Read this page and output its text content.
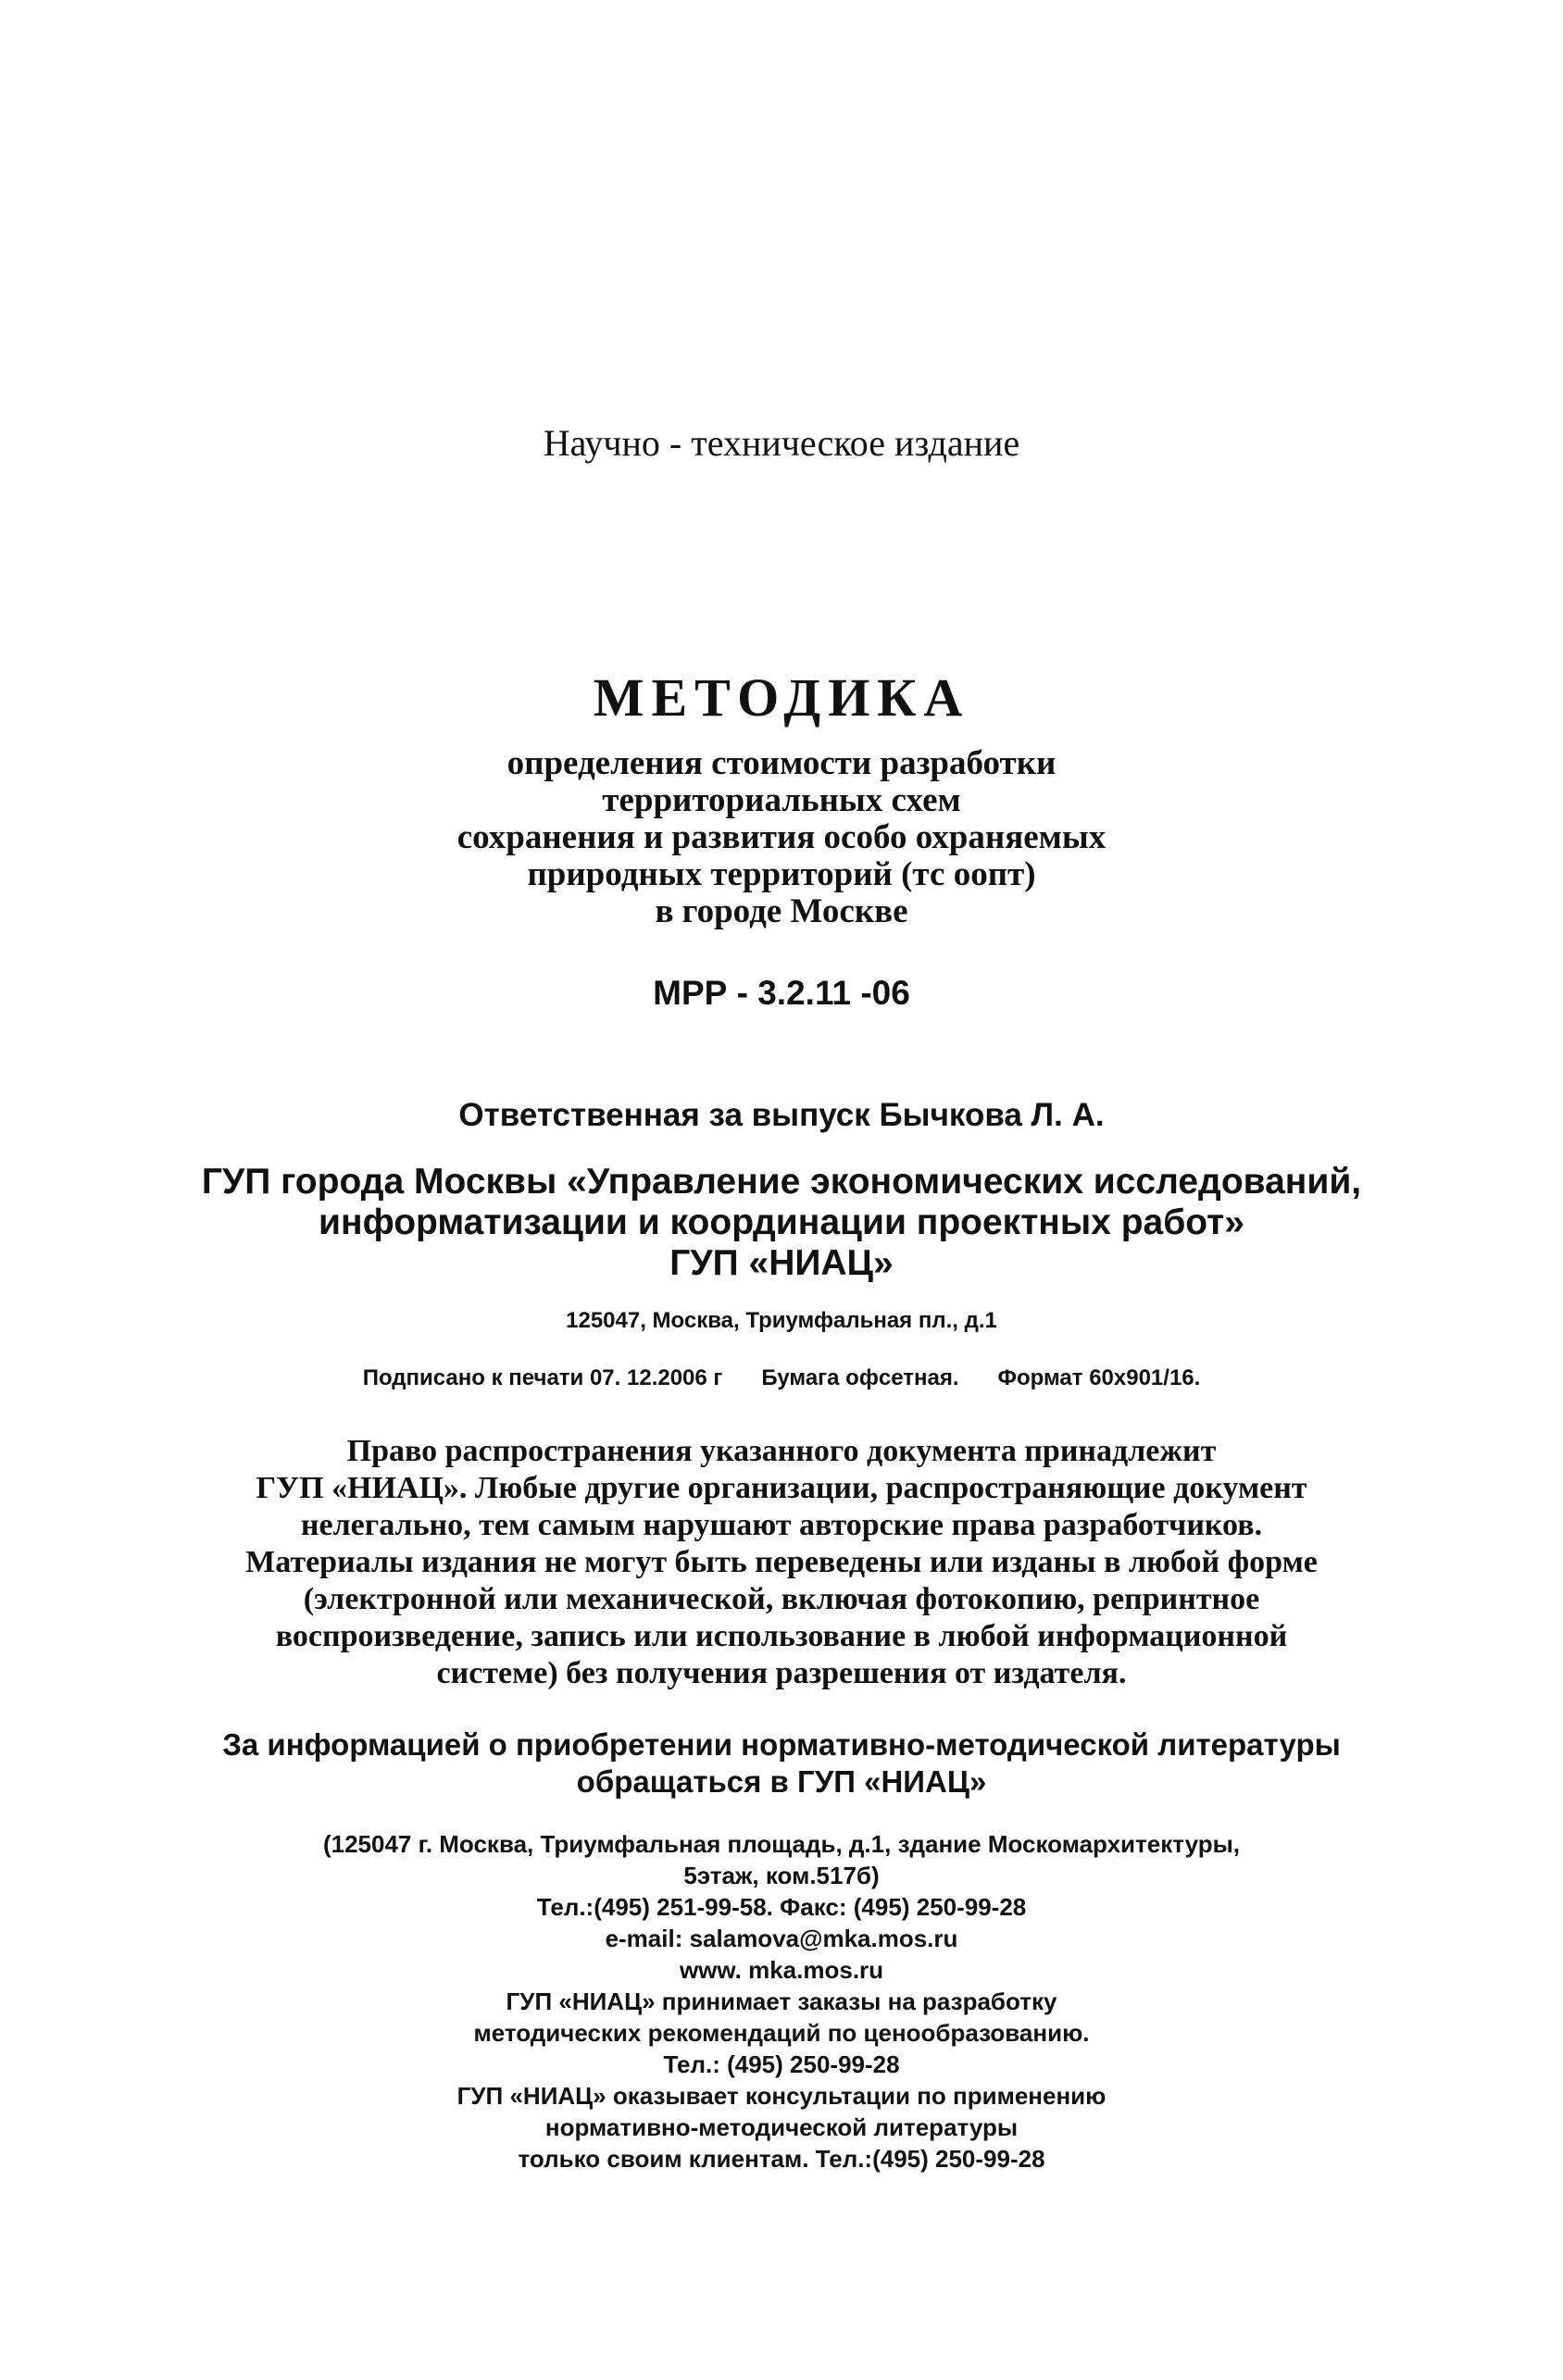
Научно - техническое издание
МЕТОДИКА
определения стоимости разработки
территориальных схем
сохранения и развития особо охраняемых
природных территорий (тс оопт)
в городе Москве
МРР - 3.2.11 -06
Ответственная за выпуск Бычкова Л. А.
ГУП города Москвы «Управление экономических исследований,
информатизации и координации проектных работ»
ГУП «НИАЦ»
125047, Москва, Триумфальная пл., д.1
Подписано к печати 07. 12.2006 г Бумага офсетная. Формат 60х901/16.
Право распространения указанного документа принадлежит
ГУП «НИАЦ». Любые другие организации, распространяющие документ
нелегально, тем самым нарушают авторские права разработчиков.
Материалы издания не могут быть переведены или изданы в любой форме
(электронной или механической, включая фотокопию, репринтное
воспроизведение, запись или использование в любой информационной
системе) без получения разрешения от издателя.
За информацией о приобретении нормативно-методической литературы
обращаться в ГУП «НИАЦ»
(125047 г. Москва, Триумфальная площадь, д.1, здание Москомархитектуры,
5этаж, ком.517б)
Тел.:(495) 251-99-58. Факс: (495) 250-99-28
e-mail: salamova@mka.mos.ru
www. mka.mos.ru
ГУП «НИАЦ» принимает заказы на разработку
методических рекомендаций по ценообразованию.
Тел.: (495) 250-99-28
ГУП «НИАЦ» оказывает консультации по применению
нормативно-методической литературы
только своим клиентам. Тел.:(495) 250-99-28
